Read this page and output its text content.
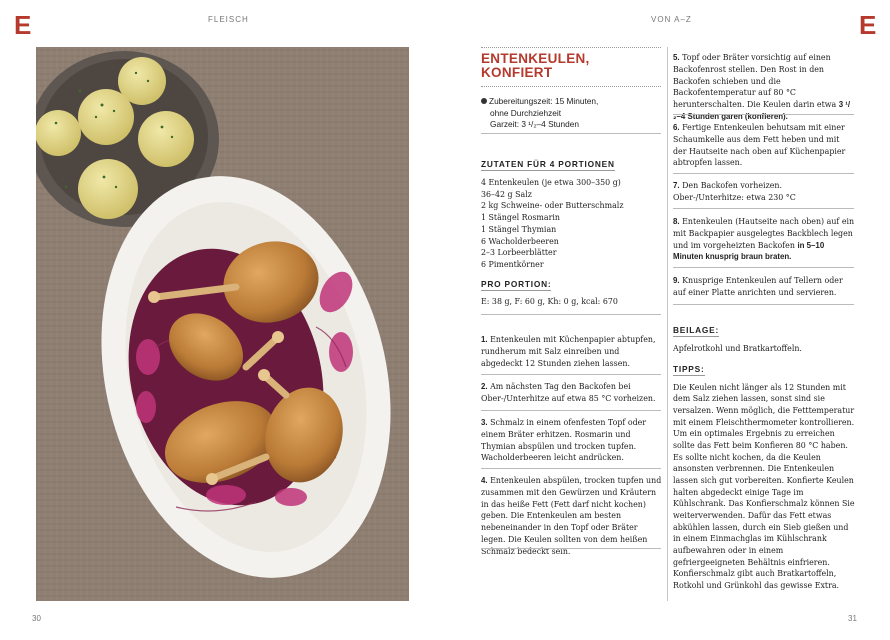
E	E
FLEISCH	VON A–Z
30	31
ENTENKEULEN,
KONFIERT
Zubereitungszeit: 15 Minuten,
ohne Durchziehzeit
Garzeit: 3 ¹/₂–4 Stunden
ZUTATEN FÜR 4 PORTIONEN
4 Entenkeulen (je etwa 300–350 g)
36–42 g Salz
2 kg Schweine- oder Butterschmalz
1 Stängel Rosmarin
1 Stängel Thymian
6 Wacholderbeeren
2–3 Lorbeerblätter
6 Pimentkörner
PRO PORTION:
E: 38 g, F: 60 g, Kh: 0 g, kcal: 670
1. Entenkeulen mit Küchenpapier abtupfen, rundherum mit Salz einreiben und abgedeckt 12 Stunden ziehen lassen.
2. Am nächsten Tag den Backofen bei Ober-/Unterhitze auf etwa 85 °C vorheizen.
3. Schmalz in einem ofenfesten Topf oder einem Bräter erhitzen. Rosmarin und Thymian abspülen und trocken tupfen. Wacholderbeeren leicht andrücken.
4. Entenkeulen abspülen, trocken tupfen und zusammen mit den Gewürzen und Kräutern in das heiße Fett (Fett darf nicht kochen) geben. Die Entenkeulen am besten nebeneinander in den Topf oder Bräter legen. Die Keulen sollten von dem heißen Schmalz bedeckt sein.
5. Topf oder Bräter vorsichtig auf einen Backofenrost stellen. Den Rost in den Backofen schieben und die Backofentemperatur auf 80 °C herunterschalten. Die Keulen darin etwa 3 ¹/₂–4 Stunden garen (konfieren).
6. Fertige Entenkeulen behutsam mit einer Schaumkelle aus dem Fett heben und mit der Hautseite nach oben auf Küchenpapier abtropfen lassen.
7. Den Backofen vorheizen.
Ober-/Unterhitze: etwa 230 °C
8. Entenkeulen (Hautseite nach oben) auf ein mit Backpapier ausgelegtes Backblech legen und im vorgeheizten Backofen in 5–10 Minuten knusprig braun braten.
9. Knusprige Entenkeulen auf Tellern oder auf einer Platte anrichten und servieren.
BEILAGE:
Apfelrotkohl und Bratkartoffeln.
TIPPS:
Die Keulen nicht länger als 12 Stunden mit dem Salz ziehen lassen, sonst sind sie versalzen. Wenn möglich, die Fetttemperatur mit einem Fleischthermometer kontrollieren. Um ein optimales Ergebnis zu erreichen sollte das Fett beim Konfieren 80 °C haben. Es sollte nicht kochen, da die Keulen ansonsten verbrennen. Die Entenkeulen lassen sich gut vorbereiten. Konfierte Keulen halten abgedeckt einige Tage im Kühlschrank. Das Konfierschmalz können Sie weiterverwenden. Dafür das Fett etwas abkühlen lassen, durch ein Sieb gießen und in einem Einmachglas im Kühlschrank aufbewahren oder in einem gefriergeeigneten Behältnis einfrieren. Konfierschmalz gibt auch Bratkartoffeln, Rotkohl und Grünkohl das gewisse Extra.
